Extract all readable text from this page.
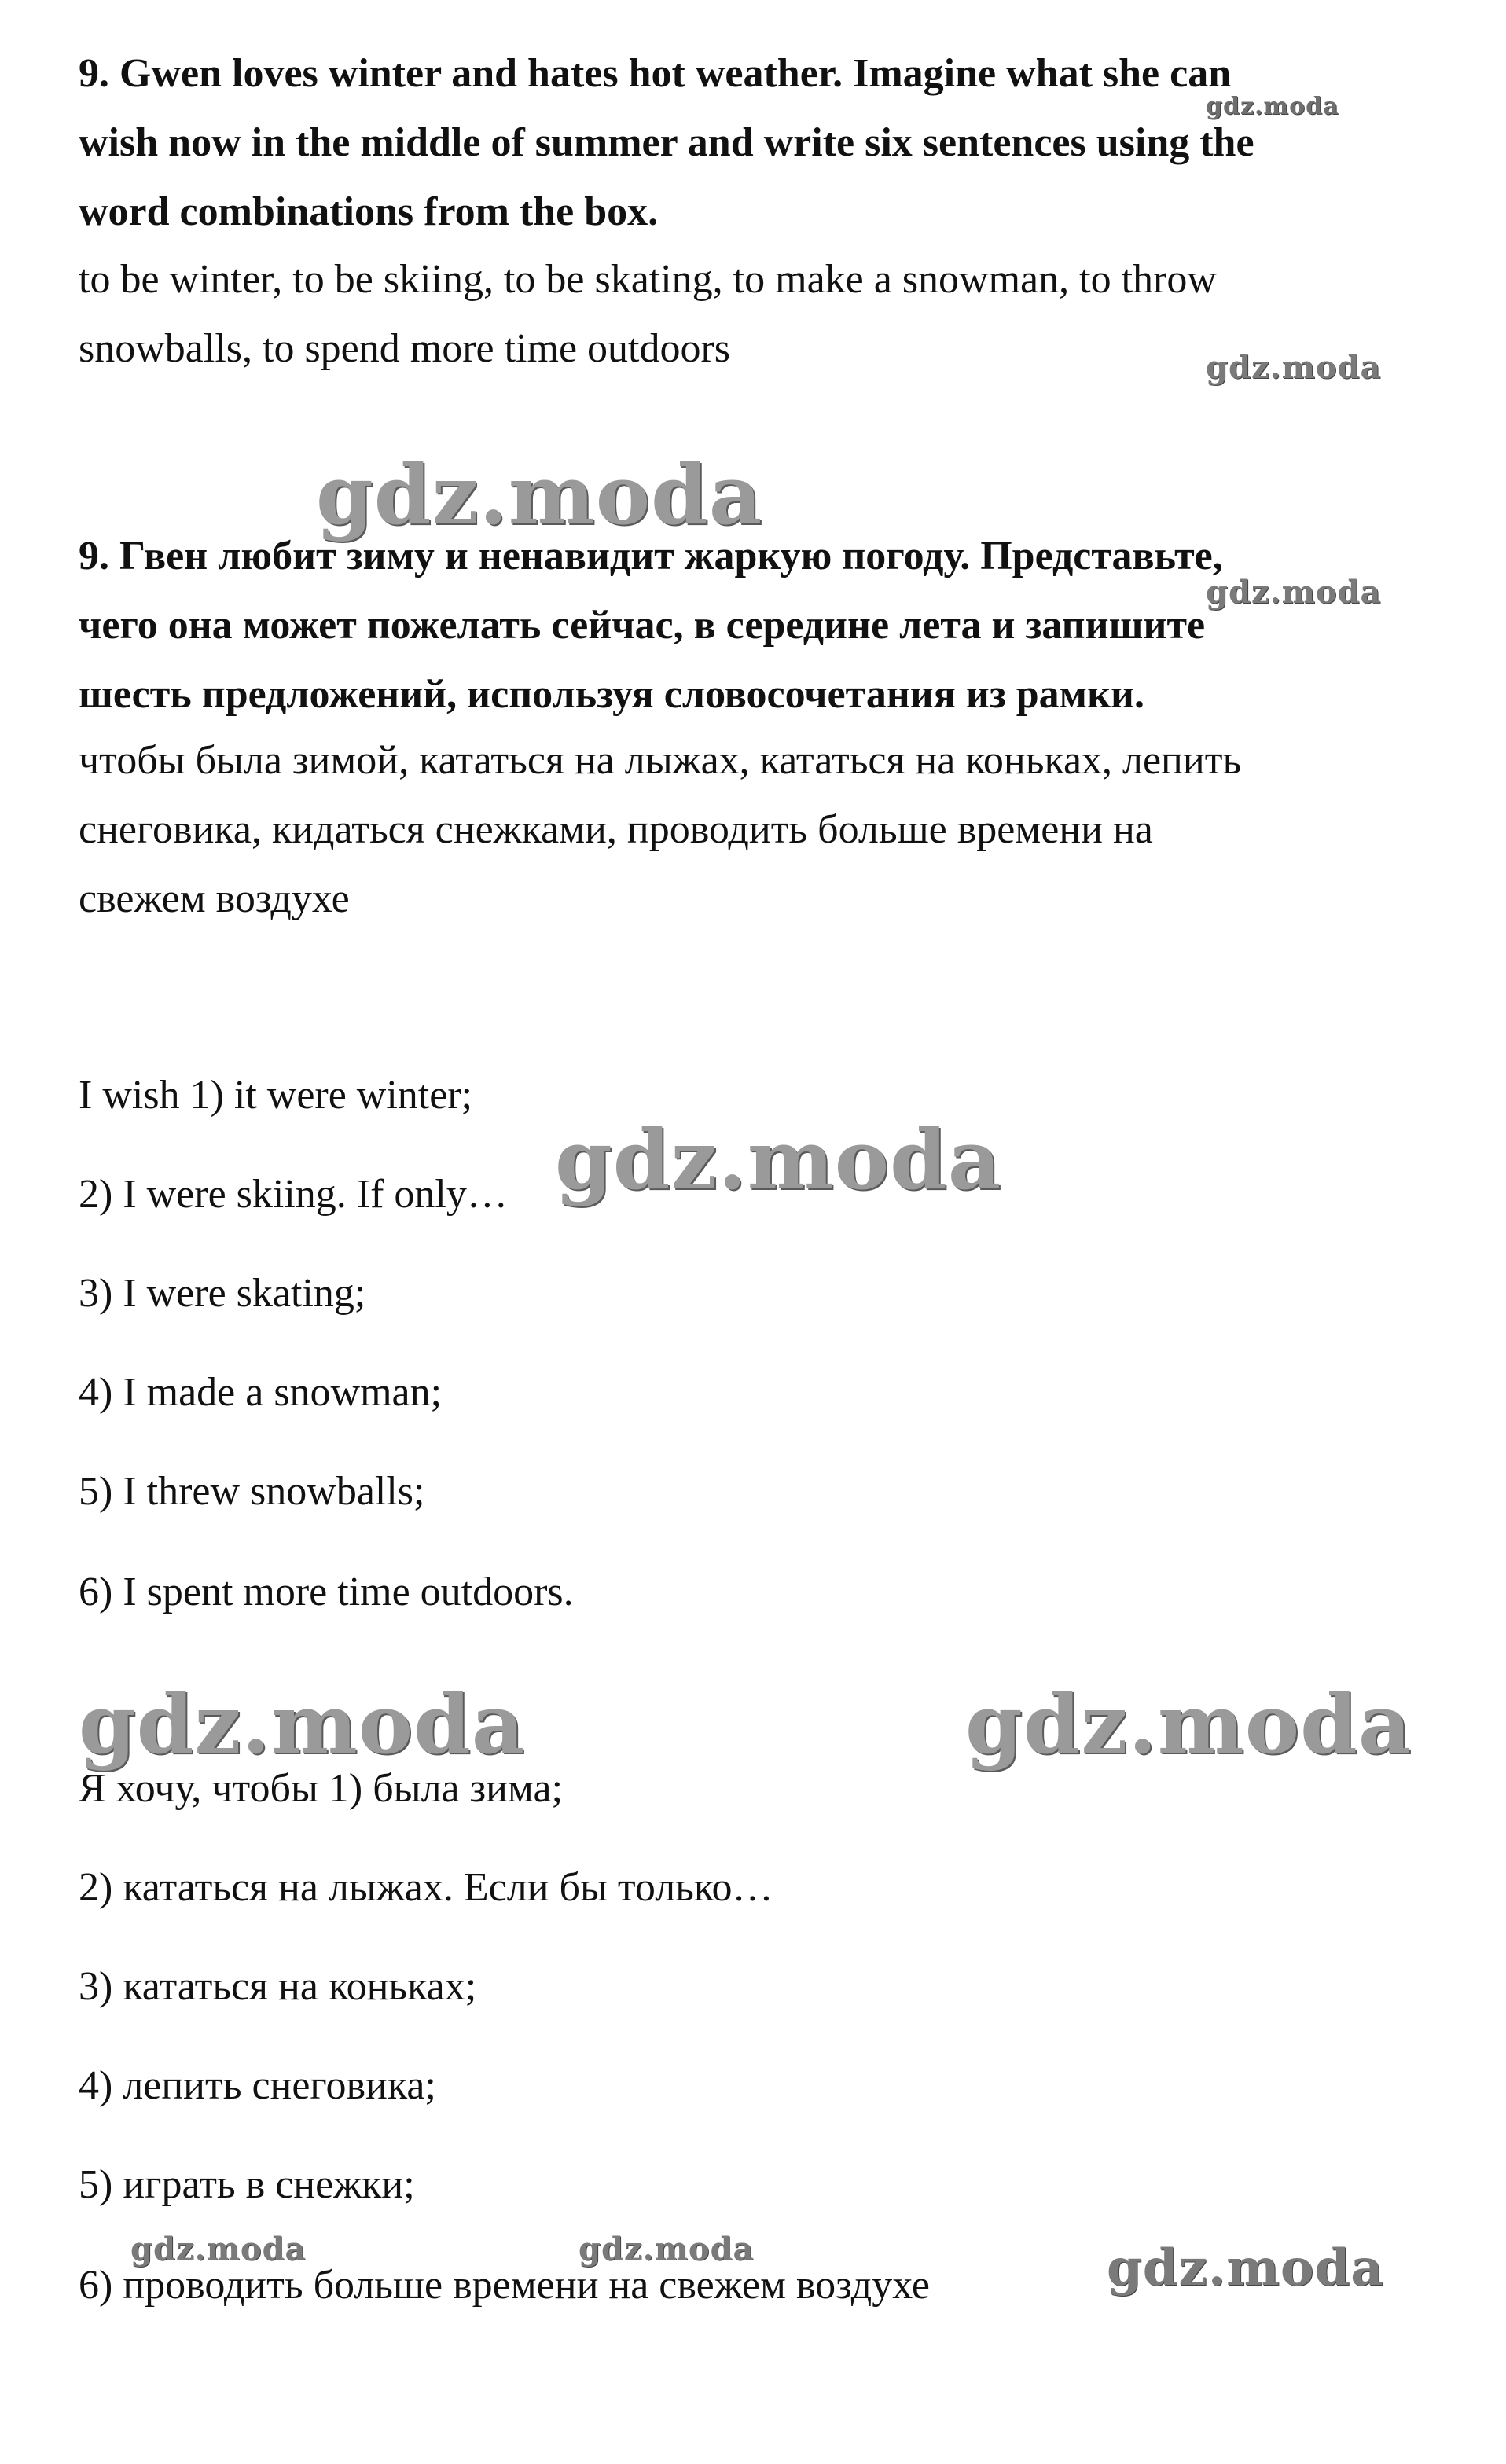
9. Gwen loves winter and hates hot weather. Imagine what she can
wish now in the middle of summer and write six sentences using the
word combinations from the box.
to be winter, to be skiing, to be skating, to make a snowman, to throw
snowballs, to spend more time outdoors
9. Гвен любит зиму и ненавидит жаркую погоду. Представьте,
чего она может пожелать сейчас, в середине лета и запишите
шесть предложений, используя словосочетания из рамки.
чтобы была зимой, кататься на лыжах, кататься на коньках, лепить
снеговика, кидаться снежками, проводить больше времени на
свежем воздухе
I wish 1) it were winter;
2) I were skiing. If only…
3) I were skating;
4) I made a snowman;
5) I threw snowballs;
6) I spent more time outdoors.
Я хочу, чтобы 1) была зима;
2) кататься на лыжах. Если бы только…
3) кататься на коньках;
4) лепить снеговика;
5) играть в снежки;
6) проводить больше времени на свежем воздухе
gdz.moda
gdz.moda
gdz.moda
gdz.moda
gdz.moda
gdz.moda	gdz.moda
gdz.moda	gdz.moda	gdz.moda
